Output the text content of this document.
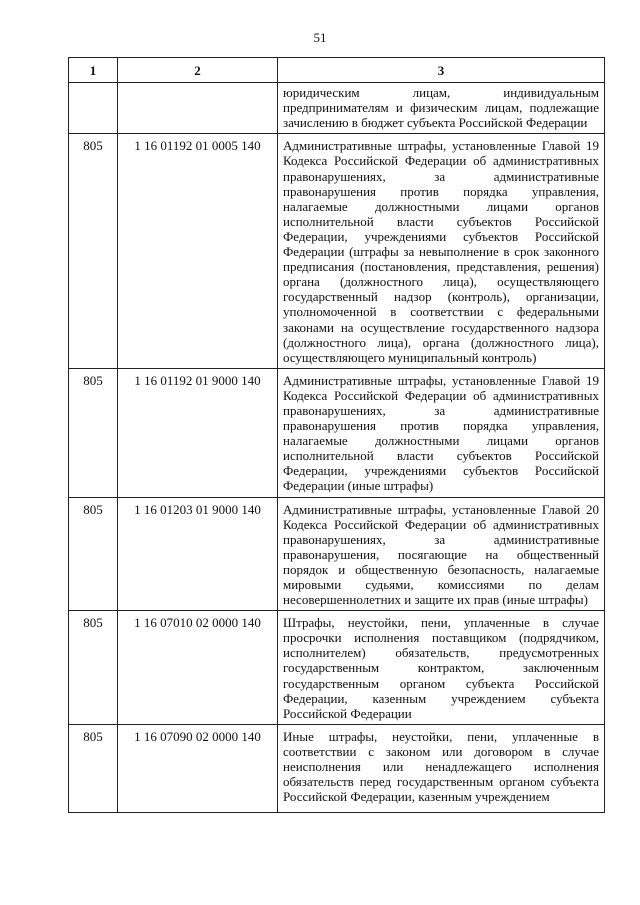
51
1	2	3
		юридическим лицам, индивидуальным предпринимателям и физическим лицам, подлежащие зачислению в бюджет субъекта Российской Федерации
805	1 16 01192 01 0005 140	Административные штрафы, установленные Главой 19 Кодекса Российской Федерации об административных правонарушениях, за административные правонарушения против порядка управления, налагаемые должностными лицами органов исполнительной власти субъектов Российской Федерации, учреждениями субъектов Российской Федерации (штрафы за невыполнение в срок законного предписания (постановления, представления, решения) органа (должностного лица), осуществляющего государственный надзор (контроль), организации, уполномоченной в соответствии с федеральными законами на осуществление государственного надзора (должностного лица), органа (должностного лица), осуществляющего муниципальный контроль)
805	1 16 01192 01 9000 140	Административные штрафы, установленные Главой 19 Кодекса Российской Федерации об административных правонарушениях, за административные правонарушения против порядка управления, налагаемые должностными лицами органов исполнительной власти субъектов Российской Федерации, учреждениями субъектов Российской Федерации (иные штрафы)
805	1 16 01203 01 9000 140	Административные штрафы, установленные Главой 20 Кодекса Российской Федерации об административных правонарушениях, за административные правонарушения, посягающие на общественный порядок и общественную безопасность, налагаемые мировыми судьями, комиссиями по делам несовершеннолетних и защите их прав (иные штрафы)
805	1 16 07010 02 0000 140	Штрафы, неустойки, пени, уплаченные в случае просрочки исполнения поставщиком (подрядчиком, исполнителем) обязательств, предусмотренных государственным контрактом, заключенным государственным органом субъекта Российской Федерации, казенным учреждением субъекта Российской Федерации
805	1 16 07090 02 0000 140	Иные штрафы, неустойки, пени, уплаченные в соответствии с законом или договором в случае неисполнения или ненадлежащего исполнения обязательств перед государственным органом субъекта Российской Федерации, казенным учреждением
